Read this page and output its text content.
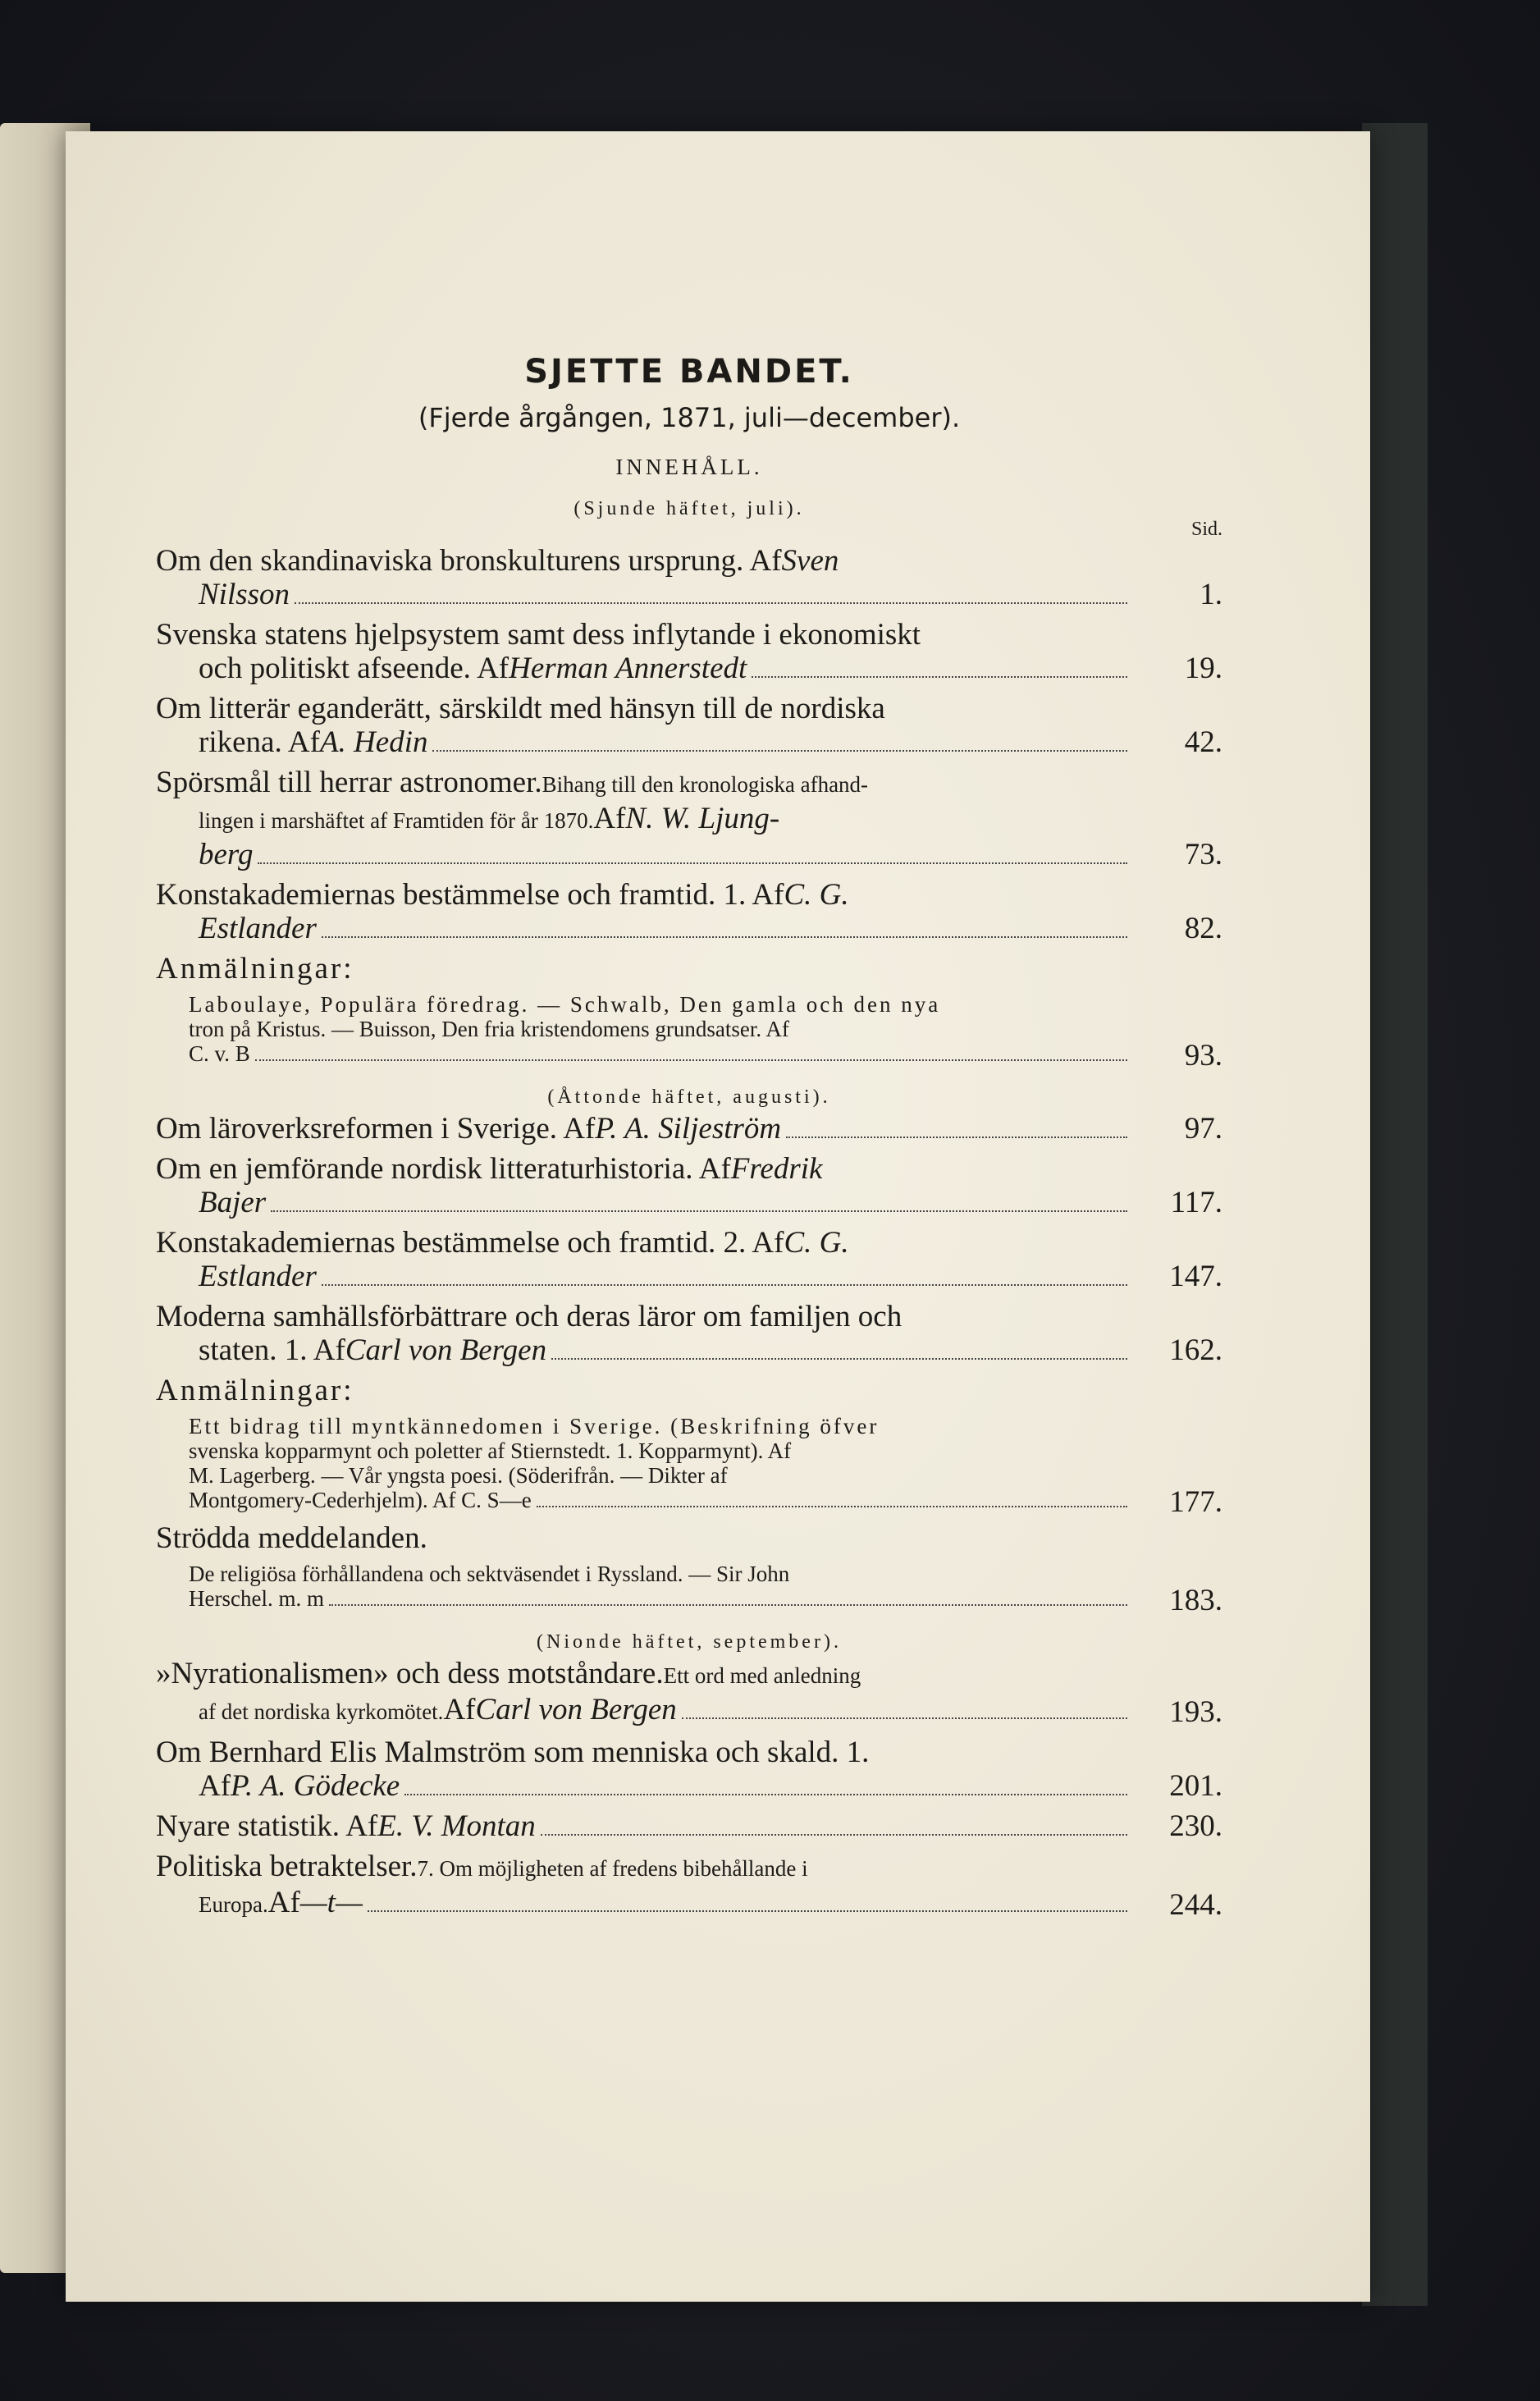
SJETTE BANDET.
(Fjerde årgången, 1871, juli—december).
INNEHÅLL.
(Sjunde häftet, juli).
Sid.
Om den skandinaviska bronskulturens ursprung. Af Sven
Nilsson	1.
Svenska statens hjelpsystem samt dess inflytande i ekonomiskt
och politiskt afseende. Af Herman Annerstedt	19.
Om litterär eganderätt, särskildt med hänsyn till de nordiska
rikena. Af A. Hedin	42.
Spörsmål till herrar astronomer. Bihang till den kronologiska afhand-
lingen i marshäftet af Framtiden för år 1870. Af N. W. Ljung-
berg	73.
Konstakademiernas bestämmelse och framtid. 1. Af C. G.
Estlander	82.
Anmälningar:
Laboulaye, Populära föredrag. — Schwalb, Den gamla och den nya
tron på Kristus. — Buisson, Den fria kristendomens grundsatser. Af
C. v. B	93.
(Åttonde häftet, augusti).
Om läroverksreformen i Sverige. Af P. A. Siljeström	97.
Om en jemförande nordisk litteraturhistoria. Af Fredrik
Bajer	117.
Konstakademiernas bestämmelse och framtid. 2. Af C. G.
Estlander	147.
Moderna samhällsförbättrare och deras läror om familjen och
staten. 1. Af Carl von Bergen	162.
Anmälningar:
Ett bidrag till myntkännedomen i Sverige. (Beskrifning öfver
svenska kopparmynt och poletter af Stiernstedt. 1. Kopparmynt). Af
M. Lagerberg. — Vår yngsta poesi. (Söderifrån. — Dikter af
Montgomery-Cederhjelm). Af C. S—e	177.
Strödda meddelanden.
De religiösa förhållandena och sektväsendet i Ryssland. — Sir John
Herschel. m. m	183.
(Nionde häftet, september).
»Nyrationalismen» och dess motståndare. Ett ord med anledning
af det nordiska kyrkomötet. Af Carl von Bergen	193.
Om Bernhard Elis Malmström som menniska och skald. 1.
Af P. A. Gödecke	201.
Nyare statistik. Af E. V. Montan	230.
Politiska betraktelser. 7. Om möjligheten af fredens bibehållande i
Europa. Af —t—	244.
